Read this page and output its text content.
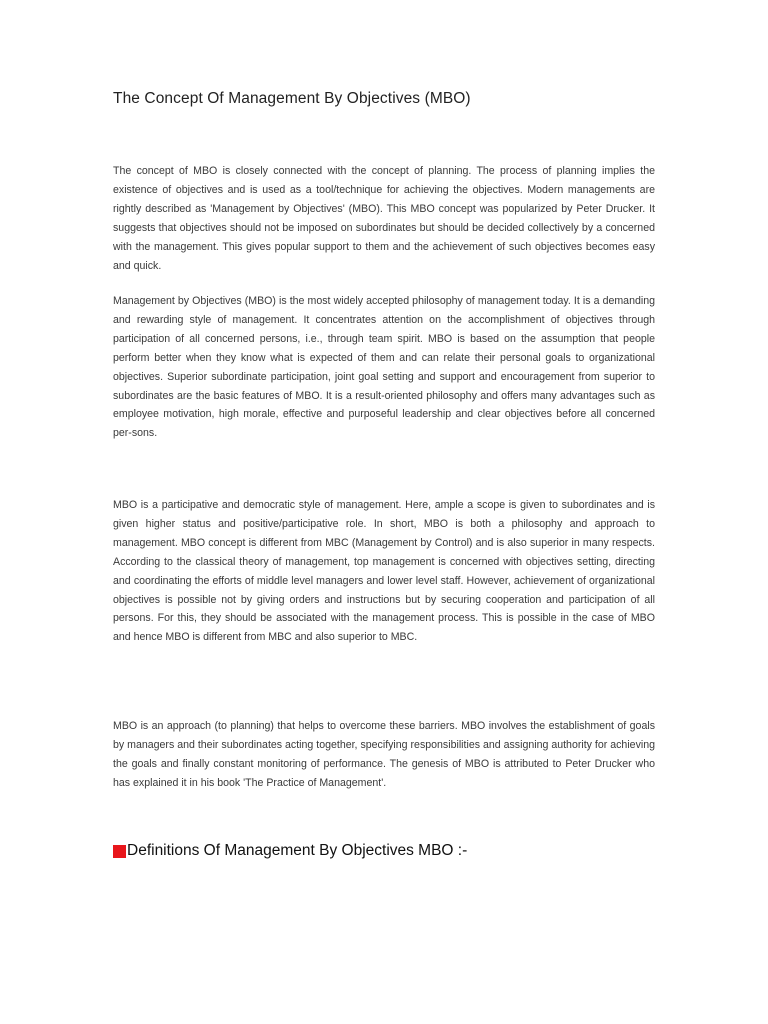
The Concept Of Management By Objectives (MBO)

The concept of MBO is closely connected with the concept of planning. The process of planning implies the existence of objectives and is used as a tool/technique for achieving the objectives. Modern managements are rightly described as 'Management by Objectives' (MBO). This MBO concept was popularized by Peter Drucker. It suggests that objectives should not be imposed on subordinates but should be decided collectively by a concerned with the management. This gives popular support to them and the achievement of such objectives becomes easy and quick.

Management by Objectives (MBO) is the most widely accepted philosophy of management today. It is a demanding and rewarding style of management. It concentrates attention on the accomplishment of objectives through participation of all concerned persons, i.e., through team spirit. MBO is based on the assumption that people perform better when they know what is expected of them and can relate their personal goals to organizational objectives. Superior subordinate participation, joint goal setting and support and encouragement from superior to subordinates are the basic features of MBO. It is a result-oriented philosophy and offers many advantages such as employee motivation, high morale, effective and purposeful leadership and clear objectives before all concerned per-sons.

MBO is a participative and democratic style of management. Here, ample a scope is given to subordinates and is given higher status and positive/participative role. In short, MBO is both a philosophy and approach to management. MBO concept is different from MBC (Management by Control) and is also superior in many respects. According to the classical theory of management, top management is concerned with objectives setting, directing and coordinating the efforts of middle level managers and lower level staff. However, achievement of organizational objectives is possible not by giving orders and instructions but by securing cooperation and participation of all persons. For this, they should be associated with the management process. This is possible in the case of MBO and hence MBO is different from MBC and also superior to MBC.

MBO is an approach (to planning) that helps to overcome these barriers. MBO involves the establishment of goals by managers and their subordinates acting together, specifying responsibilities and assigning authority for achieving the goals and finally constant monitoring of performance. The genesis of MBO is attributed to Peter Drucker who has explained it in his book 'The Practice of Management'.

Definitions Of Management By Objectives MBO :-
